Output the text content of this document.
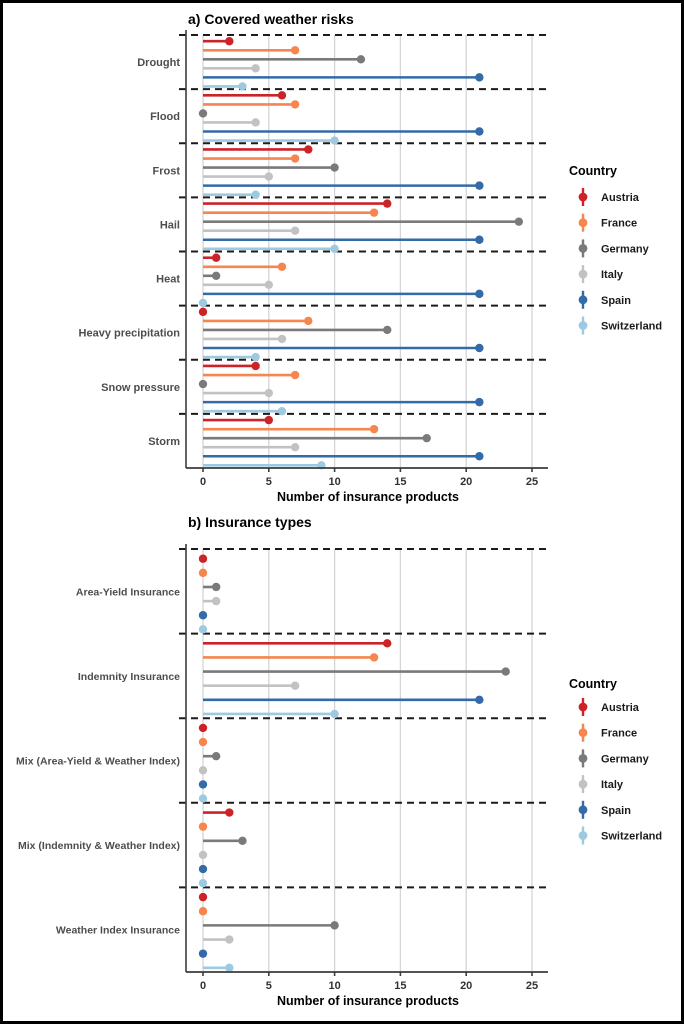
Drought
Flood
Frost
Hail
Heat
Heavy precipitation
Snow pressure
Storm
0	5	10	15	20	25
Number of insurance products
a) Covered weather risks
Country
Austria
France
Germany
Italy
Spain
Switzerland
Area-Yield Insurance
Indemnity Insurance
Mix (Area-Yield & Weather Index)
Mix (Indemnity & Weather Index)
Weather Index Insurance
0	5	10	15	20	25
Number of insurance products
b) Insurance types
Country
Austria
France
Germany
Italy
Spain
Switzerland
